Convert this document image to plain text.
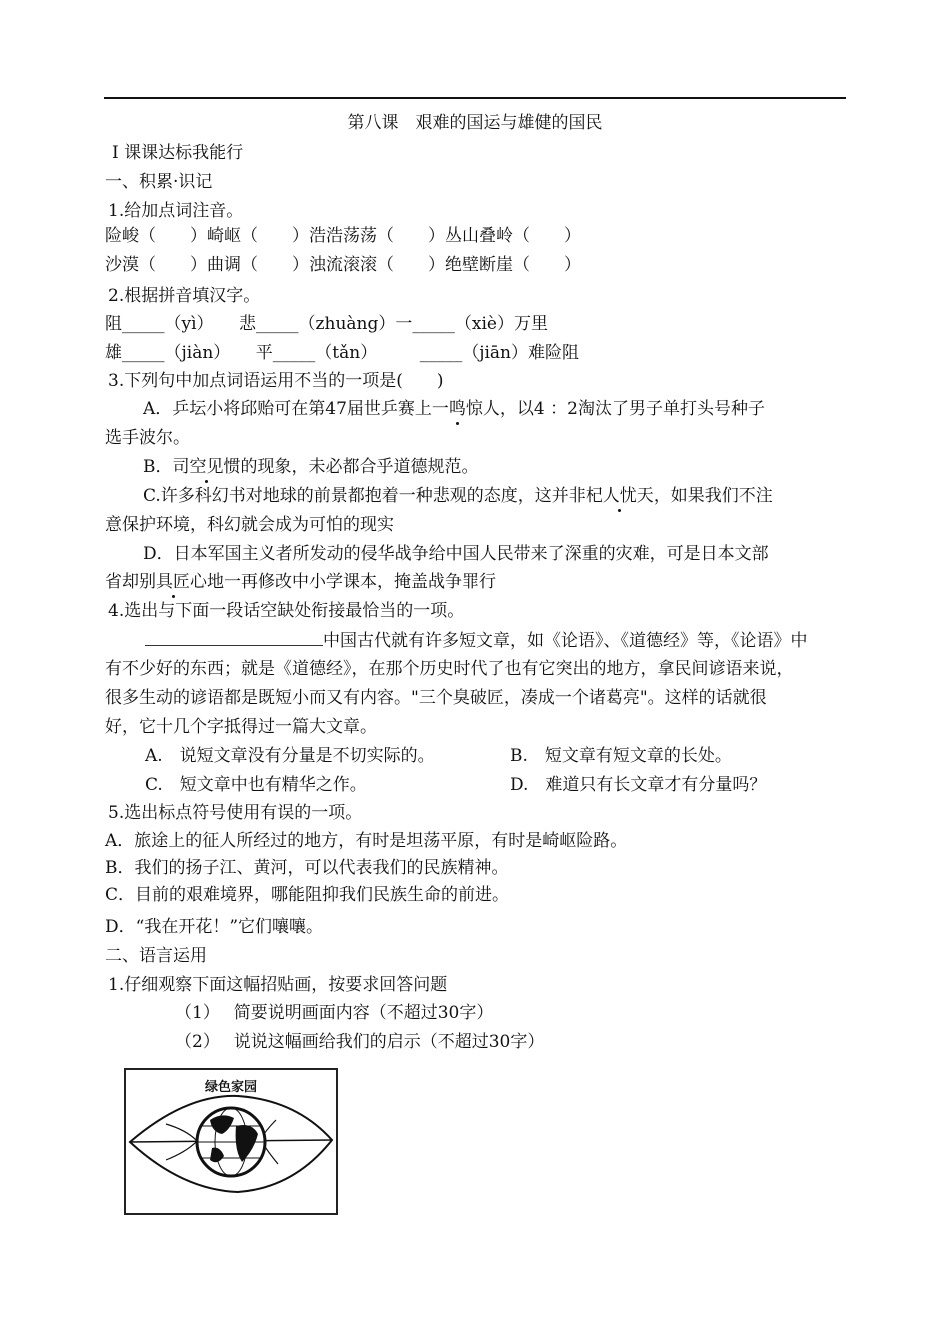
第八课　艰难的国运与雄健的国民
Ⅰ 课课达标我能行
一、积累·识记
1.给加点词注音。
险峻（　　）崎岖（　　）浩浩荡荡（　　）丛山叠岭（　　）
沙漠（　　）曲调（　　）浊流滚滚（　　）绝壁断崖（　　）
2.根据拼音填汉字。
阻_____（yì）　　悲_____（zhuàng）一_____（xiè）万里
雄_____（jiàn）　　平_____（tǎn）　　　_____（jiān）难险阻
3.下列句中加点词语运用不当的一项是(　　)
A．乒坛小将邱贻可在第47届世乒赛上一鸣惊人，以4 ：2淘汰了男子单打头号种子
选手波尔。
B．司空见惯的现象，未必都合乎道德规范。
C.许多科幻书对地球的前景都抱着一种悲观的态度，这并非杞人忧天，如果我们不注
意保护环境，科幻就会成为可怕的现实
D．日本军国主义者所发动的侵华战争给中国人民带来了深重的灾难，可是日本文部
省却别具匠心地一再修改中小学课本，掩盖战争罪行
4.选出与下面一段话空缺处衔接最恰当的一项。
中国古代就有许多短文章，如《论语》、《道德经》等，《论语》中
有不少好的东西；就是《道德经》，在那个历史时代了也有它突出的地方，拿民间谚语来说，
很多生动的谚语都是既短小而又有内容。"三个臭破匠，凑成一个诸葛亮"。这样的话就很
好，它十几个字抵得过一篇大文章。
A.　说短文章没有分量是不切实际的。	B.　短文章有短文章的长处。
C.　短文章中也有精华之作。	D.　难道只有长文章才有分量吗？
5.选出标点符号使用有误的一项。
A．旅途上的征人所经过的地方，有时是坦荡平原，有时是崎岖险路。
B．我们的扬子江、黄河，可以代表我们的民族精神。
C．目前的艰难境界，哪能阻抑我们民族生命的前进。
D．“我在开花！”它们嚷嚷。
二、语言运用
1.仔细观察下面这幅招贴画，按要求回答问题
（1）　 简要说明画面内容（不超过30字）
（2）　 说说这幅画给我们的启示（不超过30字）
绿色家园
